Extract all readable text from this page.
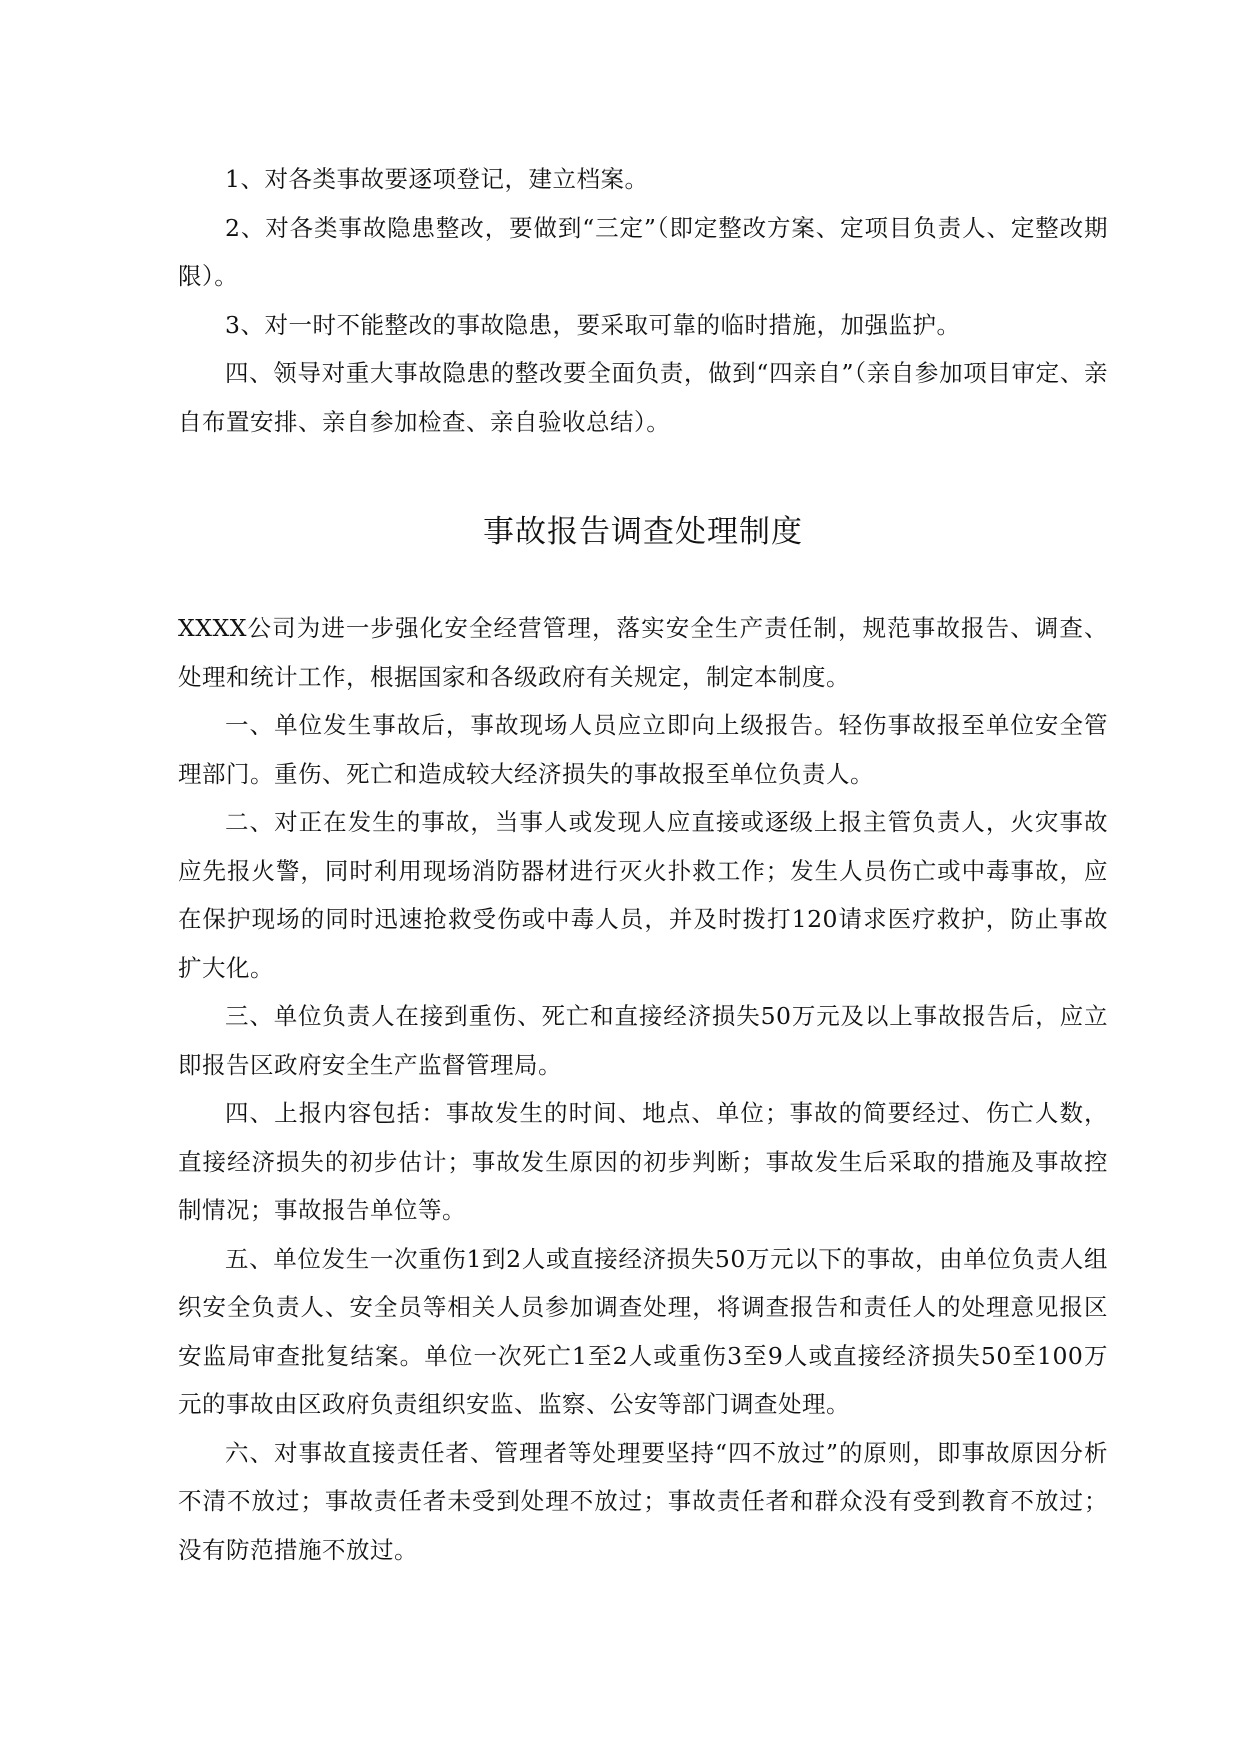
1、对各类事故要逐项登记，建立档案。

2、对各类事故隐患整改，要做到“三定”（即定整改方案、定项目负责人、定整改期限）。

3、对一时不能整改的事故隐患，要采取可靠的临时措施，加强监护。

四、领导对重大事故隐患的整改要全面负责，做到“四亲自”（亲自参加项目审定、亲自布置安排、亲自参加检查、亲自验收总结）。

事故报告调查处理制度

XXXX公司为进一步强化安全经营管理，落实安全生产责任制，规范事故报告、调查、处理和统计工作，根据国家和各级政府有关规定，制定本制度。

一、单位发生事故后，事故现场人员应立即向上级报告。轻伤事故报至单位安全管理部门。重伤、死亡和造成较大经济损失的事故报至单位负责人。

二、对正在发生的事故，当事人或发现人应直接或逐级上报主管负责人，火灾事故应先报火警，同时利用现场消防器材进行灭火扑救工作；发生人员伤亡或中毒事故，应在保护现场的同时迅速抢救受伤或中毒人员，并及时拨打120请求医疗救护，防止事故扩大化。

三、单位负责人在接到重伤、死亡和直接经济损失50万元及以上事故报告后，应立即报告区政府安全生产监督管理局。

四、上报内容包括：事故发生的时间、地点、单位；事故的简要经过、伤亡人数，直接经济损失的初步估计；事故发生原因的初步判断；事故发生后采取的措施及事故控制情况；事故报告单位等。

五、单位发生一次重伤1到2人或直接经济损失50万元以下的事故，由单位负责人组织安全负责人、安全员等相关人员参加调查处理，将调查报告和责任人的处理意见报区安监局审查批复结案。单位一次死亡1至2人或重伤3至9人或直接经济损失50至100万元的事故由区政府负责组织安监、监察、公安等部门调查处理。

六、对事故直接责任者、管理者等处理要坚持“四不放过”的原则，即事故原因分析不清不放过；事故责任者未受到处理不放过；事故责任者和群众没有受到教育不放过；没有防范措施不放过。
